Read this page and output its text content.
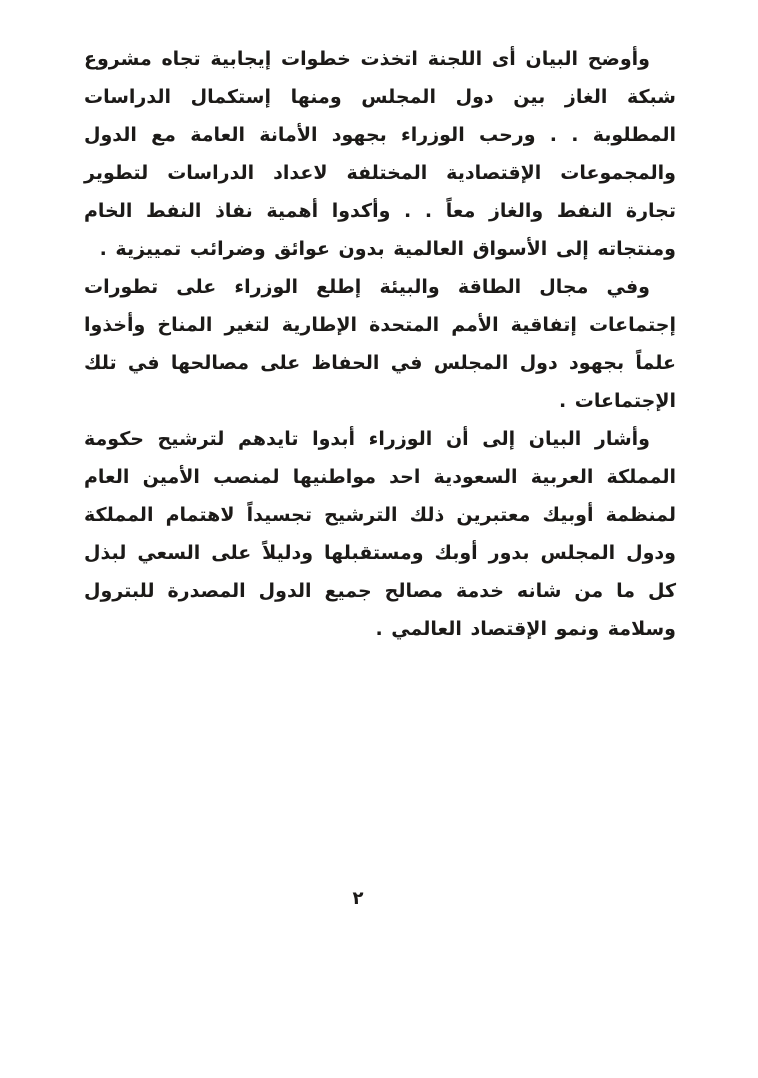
وأوضح البيان أى اللجنة اتخذت خطوات إيجابية تجاه مشروع شبكة الغاز بين دول المجلس ومنها إستكمال الدراسات المطلوبة . . ورحب الوزراء بجهود الأمانة العامة مع الدول والمجموعات الإقتصادية المختلفة لاعداد الدراسات لتطوير تجارة النفط والغاز معاً . . وأكدوا أهمية نفاذ النفط الخام ومنتجاته إلى الأسواق العالمية بدون عوائق وضرائب تمييزية .

وفي مجال الطاقة والبيئة إطلع الوزراء على تطورات إجتماعات إتفاقية الأمم المتحدة الإطارية لتغير المناخ وأخذوا علماً بجهود دول المجلس في الحفاظ على مصالحها في تلك الإجتماعات .

وأشار البيان إلى أن الوزراء أبدوا تايدهم لترشيح حكومة المملكة العربية السعودية احد مواطنيها لمنصب الأمين العام لمنظمة أوبيك معتبرين ذلك الترشيح تجسيداً لاهتمام المملكة ودول المجلس بدور أوبك ومستقبلها ودليلاً على السعي لبذل كل ما من شانه خدمة مصالح جميع الدول المصدرة للبترول وسلامة ونمو الإقتصاد العالمي .

٢
